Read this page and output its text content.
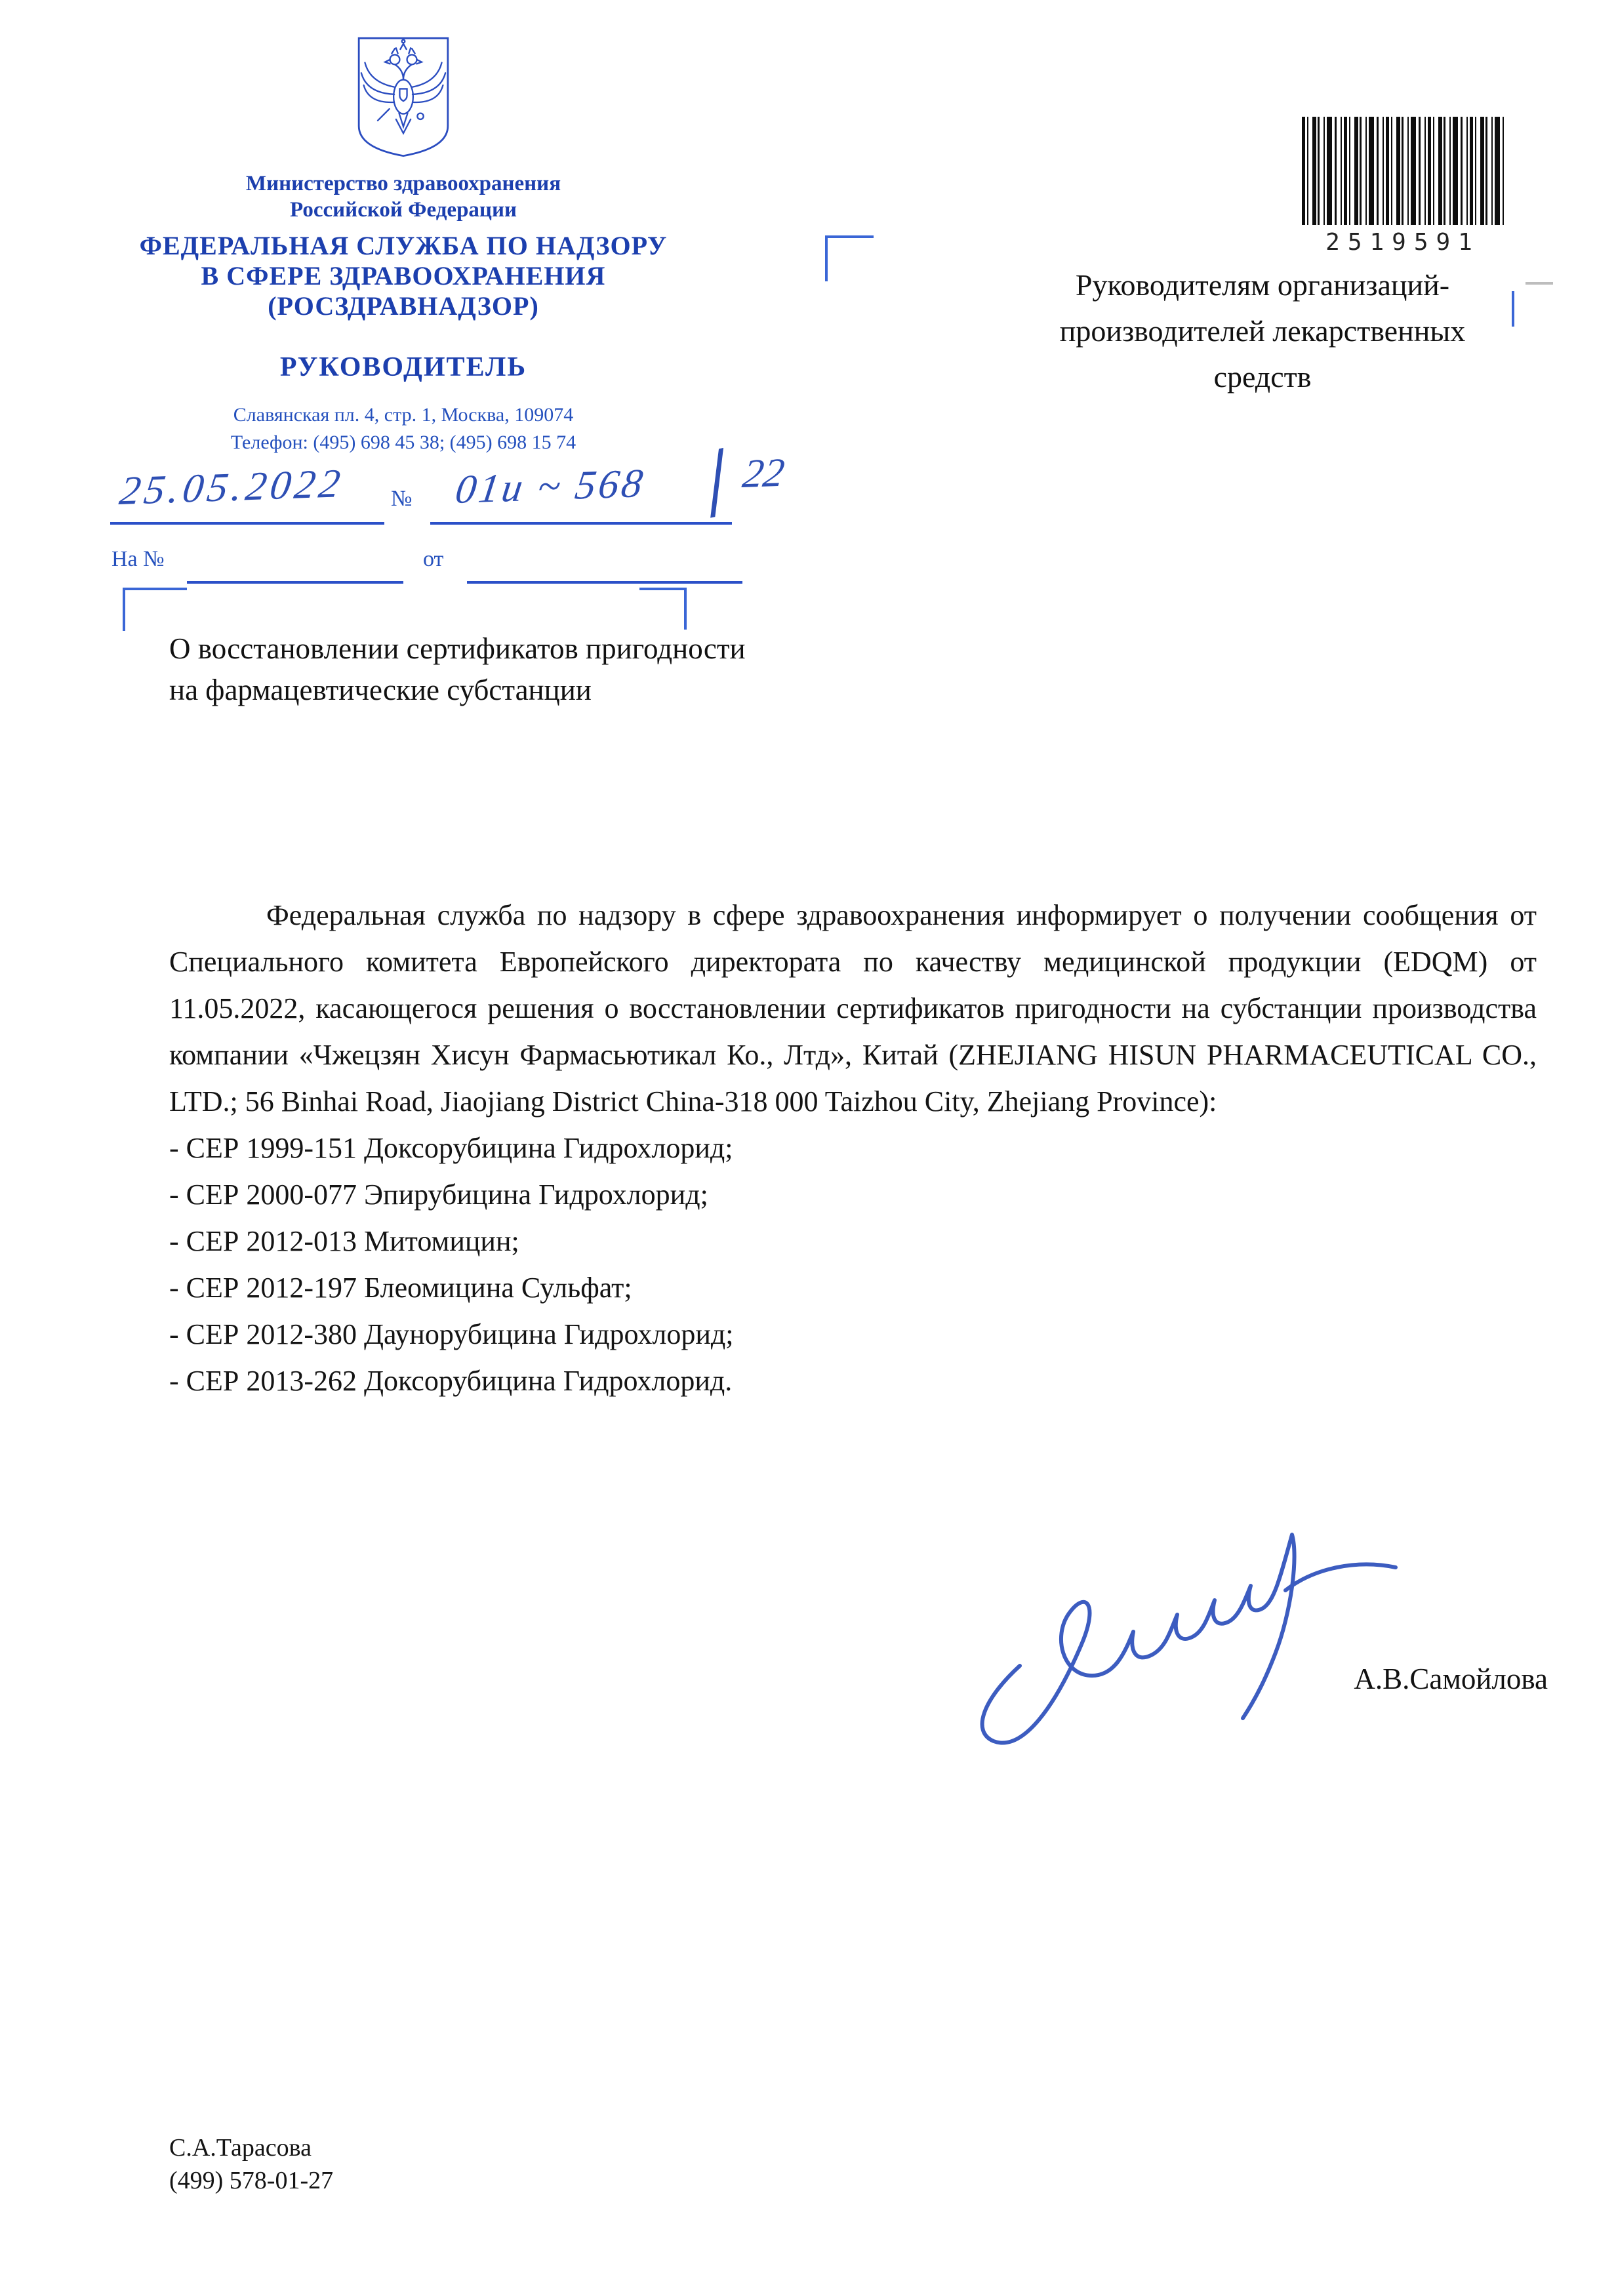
Министерство здравоохранения
Российской Федерации
ФЕДЕРАЛЬНАЯ СЛУЖБА ПО НАДЗОРУ
В СФЕРЕ ЗДРАВООХРАНЕНИЯ
(РОСЗДРАВНАДЗОР)
РУКОВОДИТЕЛЬ
Славянская пл. 4, стр. 1, Москва, 109074
Телефон: (495) 698 45 38; (495) 698 15 74
2519591
Руководителям организаций-
производителей лекарственных
средств
25.05.2022 № 01и ~ 568 /
22
На №	от
О восстановлении сертификатов пригодности
на фармацевтические субстанции

Федеральная служба по надзору в сфере здравоохранения информирует о получении сообщения от Специального комитета Европейского директората по качеству медицинской продукции (EDQM) от 11.05.2022, касающегося решения о восстановлении сертификатов пригодности на субстанции производства компании «Чжецзян Хисун Фармасьютикал Ко., Лтд», Китай (ZHEJIANG HISUN PHARMACEUTICAL CO., LTD.; 56 Binhai Road, Jiaojiang District China-318 000 Taizhou City, Zhejiang Province):

- СЕР 1999-151 Доксорубицина Гидрохлорид;
- СЕР 2000-077 Эпирубицина Гидрохлорид;
- СЕР 2012-013 Митомицин;
- СЕР 2012-197 Блеомицина Сульфат;
- СЕР 2012-380 Даунорубицина Гидрохлорид;
- СЕР 2013-262 Доксорубицина Гидрохлорид.
А.В.Самойлова
С.А.Тарасова
(499) 578-01-27
